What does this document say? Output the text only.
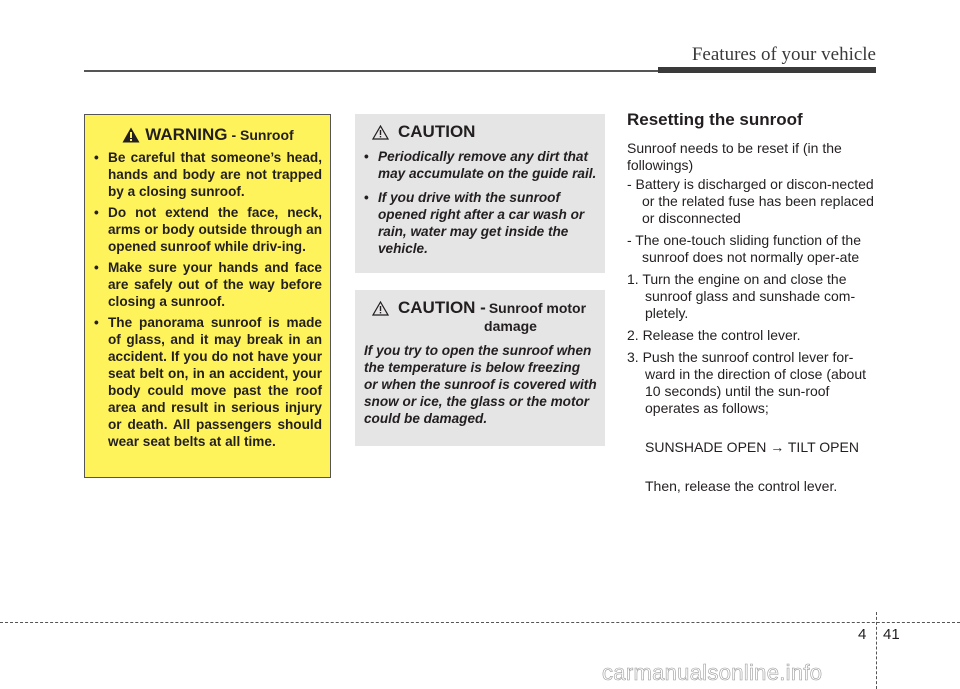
Features of your vehicle
WARNING - Sunroof
• Be careful that someone’s head, hands and body are not trapped by a closing sunroof.
• Do not extend the face, neck, arms or body outside through an opened sunroof while driv-ing.
• Make sure your hands and face are safely out of the way before closing a sunroof.
• The panorama sunroof is made of glass, and it may break in an accident. If you do not have your seat belt on, in an accident, your body could move past the roof area and result in serious injury or death. All passengers should wear seat belts at all time.
CAUTION
• Periodically remove any dirt that may accumulate on the guide rail.
• If you drive with the sunroof opened right after a car wash or rain, water may get inside the vehicle.
CAUTION - Sunroof motor
damage

If you try to open the sunroof when the temperature is below freezing or when the sunroof is covered with snow or ice, the glass or the motor could be damaged.

Resetting the sunroof

Sunroof needs to be reset if (in the followings)

- Battery is discharged or discon-nected or the related fuse has been replaced or disconnected

- The one-touch sliding function of the sunroof does not normally oper-ate

1. Turn the engine on and close the sunroof glass and sunshade com-pletely.

2. Release the control lever.

3. Push the sunroof control lever for-ward in the direction of close (about 10 seconds) until the sun-roof operates as follows;

SUNSHADE OPEN → TILT OPEN

Then, release the control lever.

4 41
carmanualsonline.info
